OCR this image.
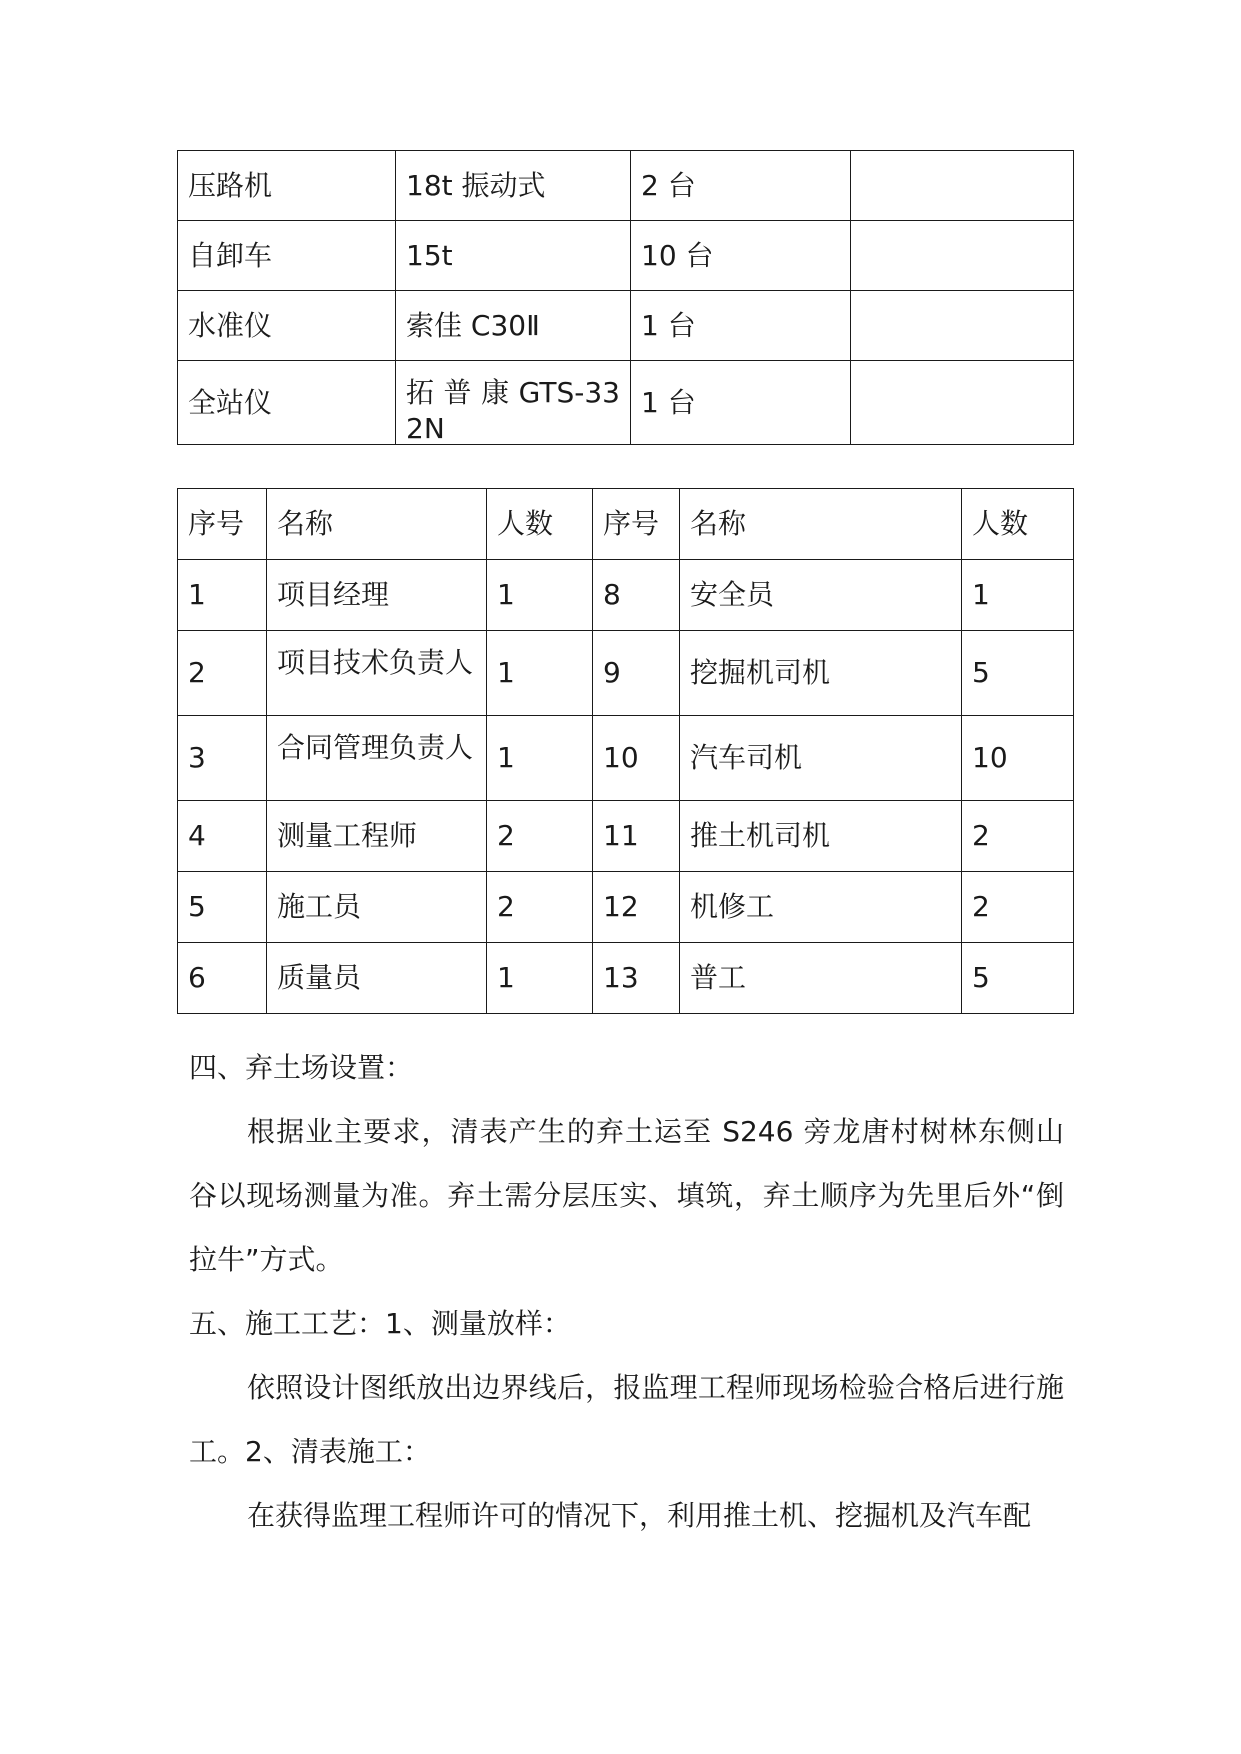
压路机	18t 振动式	2 台	
自卸车	15t	10 台	
水准仪	索佳 C30Ⅱ	1 台	
全站仪	拓 普 康 GTS-332N	1 台	
序号	名称	人数	序号	名称	人数
1	项目经理	1	8	安全员	1
2	项目技术负责人	1	9	挖掘机司机	5
3	合同管理负责人	1	10	汽车司机	10
4	测量工程师	2	11	推土机司机	2
5	施工员	2	12	机修工	2
6	质量员	1	13	普工	5

四、弃土场设置：

根据业主要求，清表产生的弃土运至 S246 旁龙唐村树林东侧山谷以现场测量为准。弃土需分层压实、填筑，弃土顺序为先里后外“倒拉牛”方式。

五、施工工艺：1、测量放样：

依照设计图纸放出边界线后，报监理工程师现场检验合格后进行施工。2、清表施工：

在获得监理工程师许可的情况下，利用推土机、挖掘机及汽车配
